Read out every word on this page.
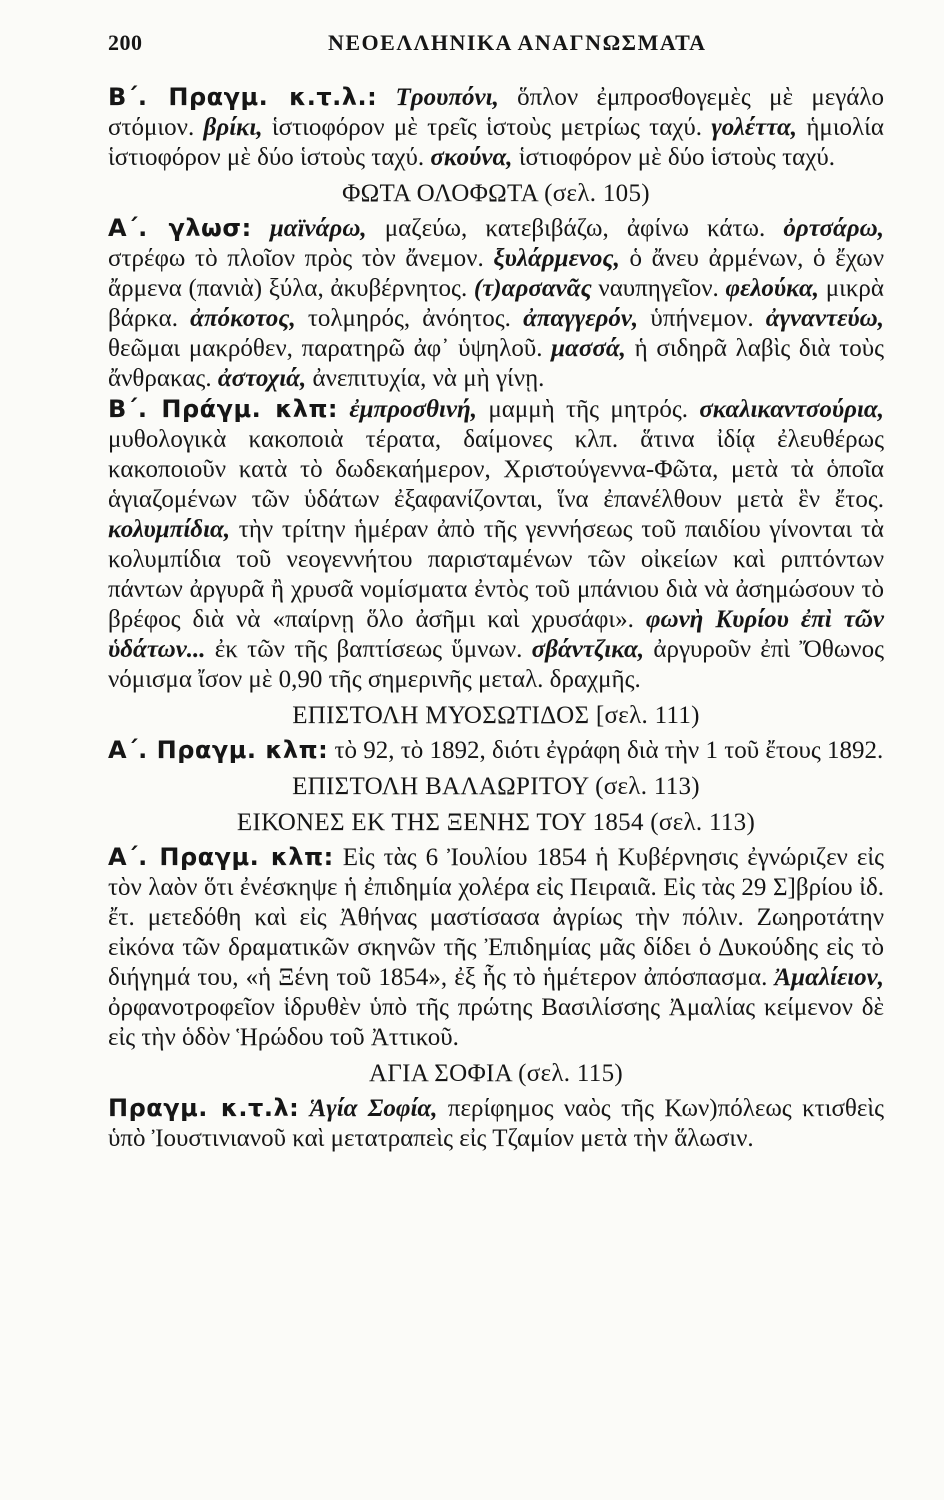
200	ΝΕΟΕΛΛΗΝΙΚΑ ΑΝΑΓΝΩΣΜΑΤΑ

Β΄. Πραγμ. κ.τ.λ.: Τρουπόνι, ὅπλον ἐμπροσθογεμὲς μὲ μεγάλο στόμιον. βρίκι, ἱστιοφόρον μὲ τρεῖς ἱστοὺς μετρίως ταχύ. γολέττα, ἡμιολία ἱστιοφόρον μὲ δύο ἱστοὺς ταχύ. σκούνα, ἱστιοφόρον μὲ δύο ἱστοὺς ταχύ.

ΦΩΤΑ ΟΛΟΦΩΤΑ (σελ. 105)

Α΄. γλωσ: μαϊνάρω, μαζεύω, κατεβιβάζω, ἀφίνω κάτω. ὀρτσάρω, στρέφω τὸ πλοῖον πρὸς τὸν ἄνεμον. ξυλάρμενος, ὁ ἄνευ ἀρμένων, ὁ ἔχων ἄρμενα (πανιὰ) ξύλα, ἀκυβέρνητος. (τ)αρσανᾶς ναυπηγεῖον. φελούκα, μικρὰ βάρκα. ἀπόκοτος, τολμηρός, ἀνόητος. ἀπαγγερόν, ὑπήνεμον. ἀγναντεύω, θεῶμαι μακρόθεν, παρατηρῶ ἀφ᾿ ὑψηλοῦ. μασσά, ἡ σιδηρᾶ λαβὶς διὰ τοὺς ἄνθρακας. ἀστοχιά, ἀνεπιτυχία, νὰ μὴ γίνῃ.

Β΄. Πράγμ. κλπ: ἐμπροσθινή, μαμμὴ τῆς μητρός. σκαλικαντσούρια, μυθολογικὰ κακοποιὰ τέρατα, δαίμονες κλπ. ἅτινα ἰδίᾳ ἐλευθέρως κακοποιοῦν κατὰ τὸ δωδεκαήμερον, Χριστούγεννα-Φῶτα, μετὰ τὰ ὁποῖα ἁγιαζομένων τῶν ὑδάτων ἐξαφανίζονται, ἵνα ἐπανέλθουν μετὰ ἓν ἔτος. κολυμπίδια, τὴν τρίτην ἡμέραν ἀπὸ τῆς γεννήσεως τοῦ παιδίου γίνονται τὰ κολυμπίδια τοῦ νεογεννήτου παρισταμένων τῶν οἰκείων καὶ ριπτόντων πάντων ἀργυρᾶ ἢ χρυσᾶ νομίσματα ἐντὸς τοῦ μπάνιου διὰ νὰ ἀσημώσουν τὸ βρέφος διὰ νὰ «παίρνῃ ὅλο ἀσῆμι καὶ χρυσάφι». φωνὴ Κυρίου ἐπὶ τῶν ὑδάτων... ἐκ τῶν τῆς βαπτίσεως ὕμνων. σβάντζικα, ἀργυροῦν ἐπὶ Ὄθωνος νόμισμα ἴσον μὲ 0,90 τῆς σημερινῆς μεταλ. δραχμῆς.

ΕΠΙΣΤΟΛΗ ΜΥΟΣΩΤΙΔΟΣ [σελ. 111)

Α΄. Πραγμ. κλπ: τὸ 92, τὸ 1892, διότι ἐγράφη διὰ τὴν 1 τοῦ ἔτους 1892.

ΕΠΙΣΤΟΛΗ ΒΑΛΑΩΡΙΤΟΥ (σελ. 113)
ΕΙΚΟΝΕΣ ΕΚ ΤΗΣ ΞΕΝΗΣ ΤΟΥ 1854 (σελ. 113)

Α΄. Πραγμ. κλπ: Εἰς τὰς 6 Ἰουλίου 1854 ἡ Κυβέρνησις ἐγνώριζεν εἰς τὸν λαὸν ὅτι ἐνέσκηψε ἡ ἐπιδημία χολέρα εἰς Πειραιᾶ. Εἰς τὰς 29 Σ]βρίου ἰδ. ἔτ. μετεδόθη καὶ εἰς Ἀθήνας μαστίσασα ἀγρίως τὴν πόλιν. Ζωηροτάτην εἰκόνα τῶν δραματικῶν σκηνῶν τῆς Ἐπιδημίας μᾶς δίδει ὁ Δυκούδης εἰς τὸ διήγημά του, «ἡ Ξένη τοῦ 1854», ἐξ ἧς τὸ ἡμέτερον ἀπόσπασμα. Ἀμαλίειον, ὀρφανοτροφεῖον ἱδρυθὲν ὑπὸ τῆς πρώτης Βασιλίσσης Ἀμαλίας κείμενον δὲ εἰς τὴν ὁδὸν Ἡρώδου τοῦ Ἀττικοῦ.

ΑΓΙΑ ΣΟΦΙΑ (σελ. 115)

Πραγμ. κ.τ.λ: Ἁγία Σοφία, περίφημος ναὸς τῆς Κων)πόλεως κτισθεὶς ὑπὸ Ἰουστινιανοῦ καὶ μετατραπεὶς εἰς Τζαμίον μετὰ τὴν ἅλωσιν.
